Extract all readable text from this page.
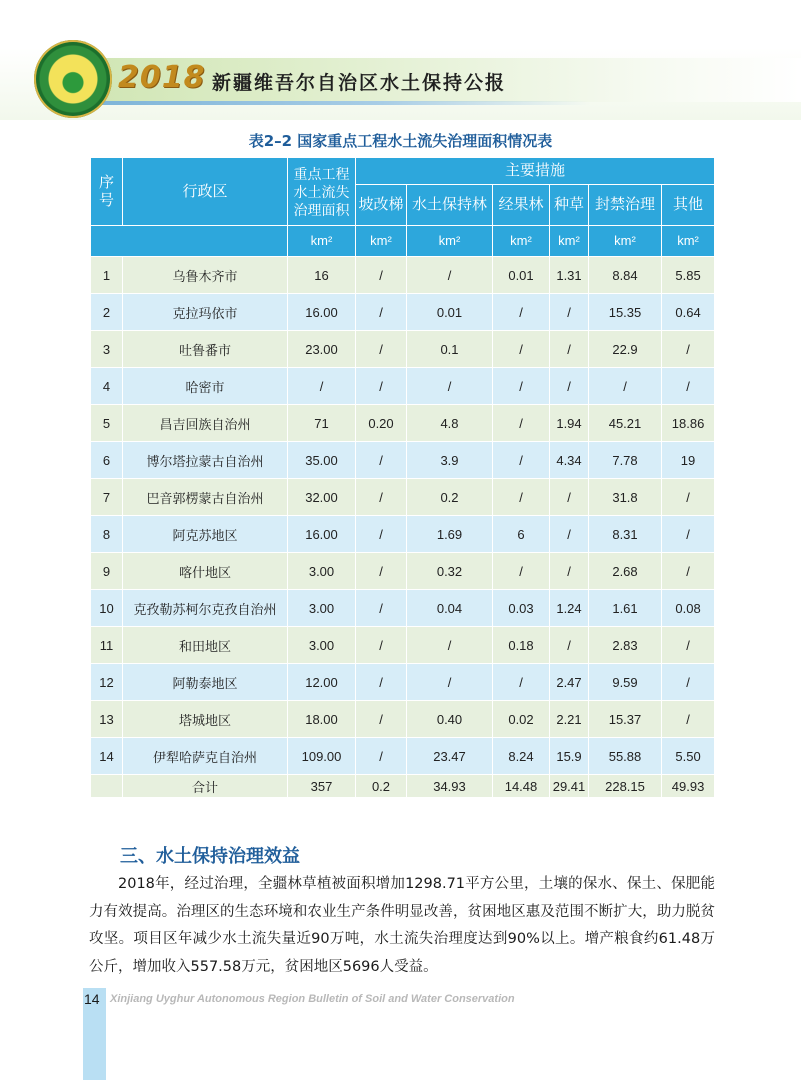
2018 新疆维吾尔自治区水土保持公报
表2–2 国家重点工程水土流失治理面积情况表
序号	行政区	重点工程水土流失治理面积	主要措施					
			坡改梯	水土保持林	经果林	种草	封禁治理	其他
		km²	km²	km²	km²	km²	km²	km²
1	乌鲁木齐市	16	/	/	0.01	1.31	8.84	5.85
2	克拉玛依市	16.00	/	0.01	/	/	15.35	0.64
3	吐鲁番市	23.00	/	0.1	/	/	22.9	/
4	哈密市	/	/	/	/	/	/	/
5	昌吉回族自治州	71	0.20	4.8	/	1.94	45.21	18.86
6	博尔塔拉蒙古自治州	35.00	/	3.9	/	4.34	7.78	19
7	巴音郭楞蒙古自治州	32.00	/	0.2	/	/	31.8	/
8	阿克苏地区	16.00	/	1.69	6	/	8.31	/
9	喀什地区	3.00	/	0.32	/	/	2.68	/
10	克孜勒苏柯尔克孜自治州	3.00	/	0.04	0.03	1.24	1.61	0.08
11	和田地区	3.00	/	/	0.18	/	2.83	/
12	阿勒泰地区	12.00	/	/	/	2.47	9.59	/
13	塔城地区	18.00	/	0.40	0.02	2.21	15.37	/
14	伊犁哈萨克自治州	109.00	/	23.47	8.24	15.9	55.88	5.50
	合计	357	0.2	34.93	14.48	29.41	228.15	49.93
三、水土保持治理效益

2018年，经过治理，全疆林草植被面积增加1298.71平方公里，土壤的保水、保土、保肥能力有效提高。治理区的生态环境和农业生产条件明显改善，贫困地区惠及范围不断扩大，助力脱贫攻坚。项目区年减少水土流失量近90万吨，水土流失治理度达到90%以上。增产粮食约61.48万公斤，增加收入557.58万元，贫困地区5696人受益。

14 Xinjiang Uyghur Autonomous Region Bulletin of Soil and Water Conservation
